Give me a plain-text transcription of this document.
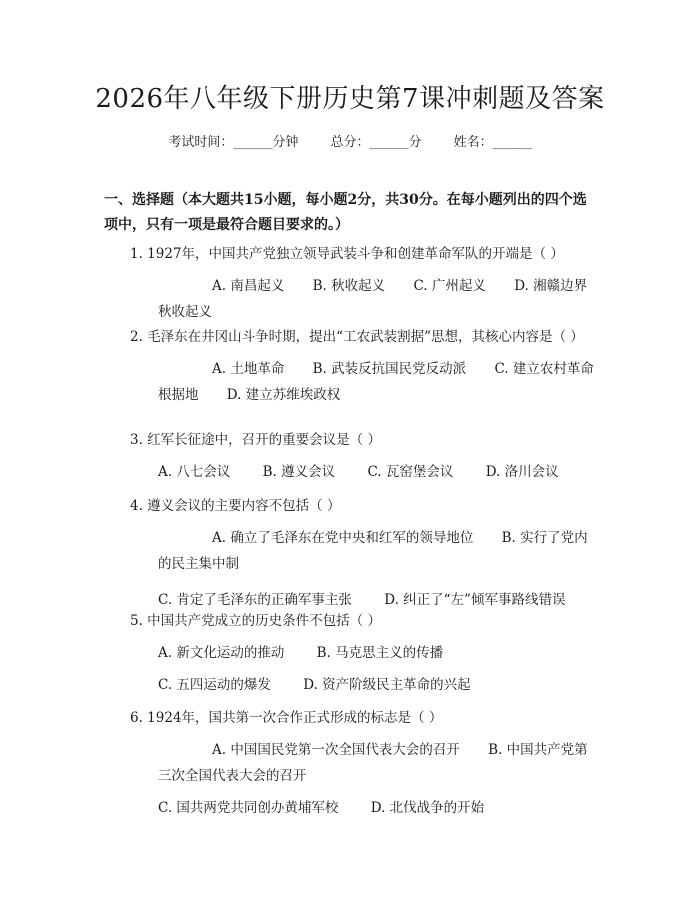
2026年八年级下册历史第7课冲刺题及答案
考试时间：______分钟 总分：______分 姓名：______
一、选择题（本大题共15小题，每小题2分，共30分。在每小题列出的四个选项中，只有一项是最符合题目要求的。）
1. 1927年，中国共产党独立领导武装斗争和创建革命军队的开端是（ ）
A. 南昌起义 B. 秋收起义 C. 广州起义 D. 湘赣边界秋收起义
2. 毛泽东在井冈山斗争时期，提出“工农武装割据”思想，其核心内容是（ ）
A. 土地革命 B. 武装反抗国民党反动派 C. 建立农村革命根据地 D. 建立苏维埃政权
3. 红军长征途中，召开的重要会议是（ ）
A. 八七会议 B. 遵义会议 C. 瓦窑堡会议 D. 洛川会议
4. 遵义会议的主要内容不包括（ ）
A. 确立了毛泽东在党中央和红军的领导地位 B. 实行了党内的民主集中制
C. 肯定了毛泽东的正确军事主张 D. 纠正了“左”倾军事路线错误
5. 中国共产党成立的历史条件不包括（ ）
A. 新文化运动的推动 B. 马克思主义的传播
C. 五四运动的爆发 D. 资产阶级民主革命的兴起
6. 1924年，国共第一次合作正式形成的标志是（ ）
A. 中国国民党第一次全国代表大会的召开 B. 中国共产党第三次全国代表大会的召开
C. 国共两党共同创办黄埔军校 D. 北伐战争的开始
